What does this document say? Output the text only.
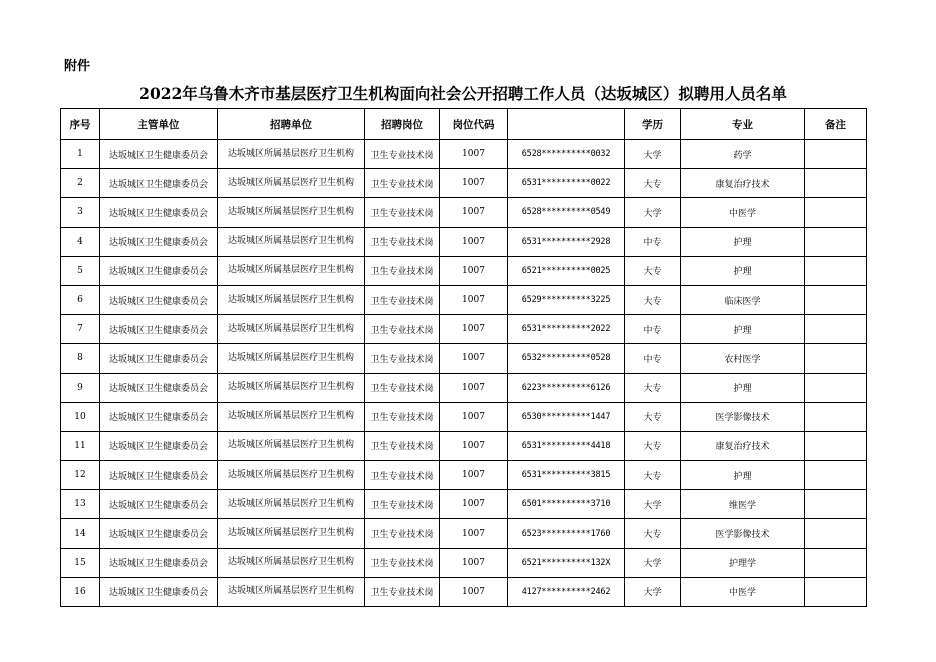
附件
2022年乌鲁木齐市基层医疗卫生机构面向社会公开招聘工作人员（达坂城区）拟聘用人员名单
序号	主管单位	招聘单位	招聘岗位	岗位代码		学历	专业	备注
1	达坂城区卫生健康委员会	达坂城区所属基层医疗卫生机构	卫生专业技术岗	1007	6528**********0032	大学	药学	
2	达坂城区卫生健康委员会	达坂城区所属基层医疗卫生机构	卫生专业技术岗	1007	6531**********0022	大专	康复治疗技术	
3	达坂城区卫生健康委员会	达坂城区所属基层医疗卫生机构	卫生专业技术岗	1007	6528**********0549	大学	中医学	
4	达坂城区卫生健康委员会	达坂城区所属基层医疗卫生机构	卫生专业技术岗	1007	6531**********2928	中专	护理	
5	达坂城区卫生健康委员会	达坂城区所属基层医疗卫生机构	卫生专业技术岗	1007	6521**********0025	大专	护理	
6	达坂城区卫生健康委员会	达坂城区所属基层医疗卫生机构	卫生专业技术岗	1007	6529**********3225	大专	临床医学	
7	达坂城区卫生健康委员会	达坂城区所属基层医疗卫生机构	卫生专业技术岗	1007	6531**********2022	中专	护理	
8	达坂城区卫生健康委员会	达坂城区所属基层医疗卫生机构	卫生专业技术岗	1007	6532**********0528	中专	农村医学	
9	达坂城区卫生健康委员会	达坂城区所属基层医疗卫生机构	卫生专业技术岗	1007	6223**********6126	大专	护理	
10	达坂城区卫生健康委员会	达坂城区所属基层医疗卫生机构	卫生专业技术岗	1007	6530**********1447	大专	医学影像技术	
11	达坂城区卫生健康委员会	达坂城区所属基层医疗卫生机构	卫生专业技术岗	1007	6531**********4418	大专	康复治疗技术	
12	达坂城区卫生健康委员会	达坂城区所属基层医疗卫生机构	卫生专业技术岗	1007	6531**********3815	大专	护理	
13	达坂城区卫生健康委员会	达坂城区所属基层医疗卫生机构	卫生专业技术岗	1007	6501**********3710	大学	维医学	
14	达坂城区卫生健康委员会	达坂城区所属基层医疗卫生机构	卫生专业技术岗	1007	6523**********1760	大专	医学影像技术	
15	达坂城区卫生健康委员会	达坂城区所属基层医疗卫生机构	卫生专业技术岗	1007	6521**********132X	大学	护理学	
16	达坂城区卫生健康委员会	达坂城区所属基层医疗卫生机构	卫生专业技术岗	1007	4127**********2462	大学	中医学	
